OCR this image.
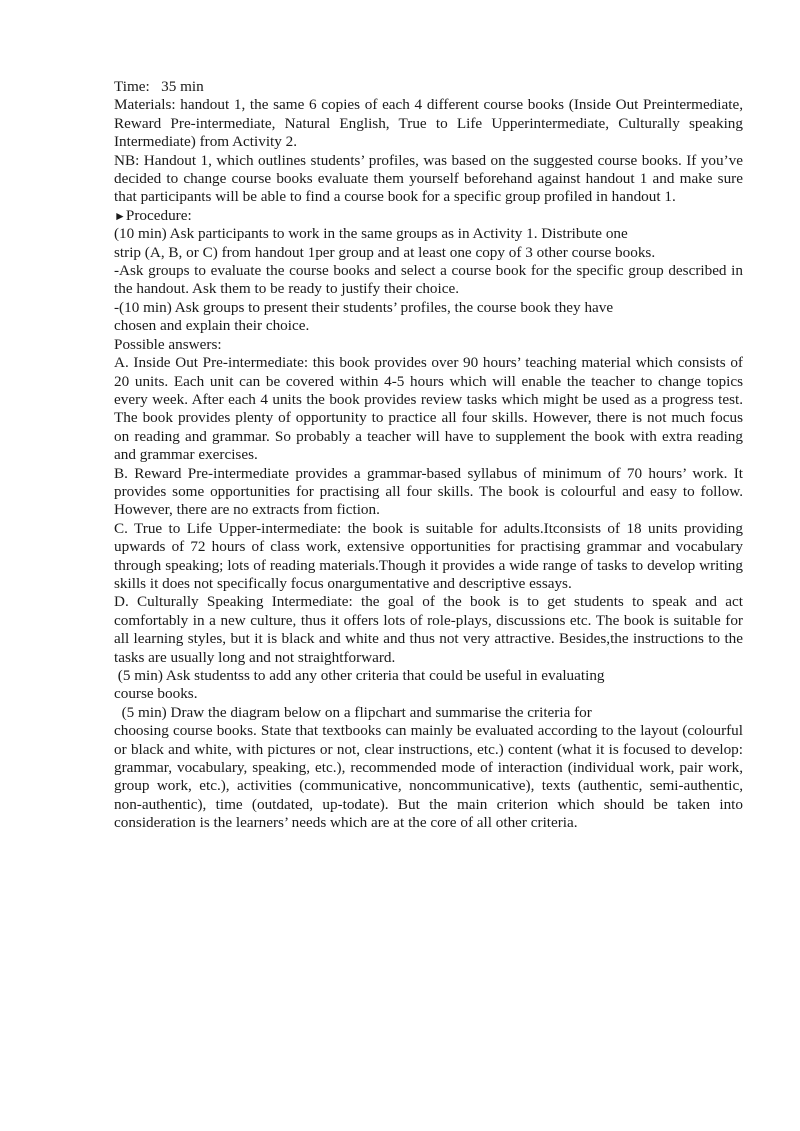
Time:   35 min

Materials: handout 1, the same 6 copies of each 4 different course books (Inside Out Preintermediate, Reward Pre-intermediate, Natural English, True to Life Upperintermediate, Culturally speaking Intermediate) from Activity 2.

NB: Handout 1, which outlines students’ profiles, was based on the suggested course books. If you’ve decided to change course books evaluate them yourself beforehand against handout 1 and make sure that participants will be able to find a course book for a specific group profiled in handout 1.

►Procedure:

(10 min) Ask participants to work in the same groups as in Activity 1. Distribute one

strip (A, B, or C) from handout 1per group and at least one copy of 3 other course books.

-Ask groups to evaluate the course books and select a course book for the specific group described in the handout. Ask them to be ready to justify their choice.

-(10 min) Ask groups to present their students’ profiles, the course book they have

chosen and explain their choice.

Possible answers:

A. Inside Out Pre-intermediate: this book provides over 90 hours’ teaching material which consists of 20 units. Each unit can be covered within 4-5 hours which will enable the teacher to change topics every week. After each 4 units the book provides review tasks which might be used as a progress test. The book provides plenty of opportunity to practice all four skills. However, there is not much focus on reading and grammar. So probably a teacher will have to supplement the book with extra reading and grammar exercises.

B. Reward Pre-intermediate provides a grammar-based syllabus of minimum of 70 hours’ work. It provides some opportunities for practising all four skills. The book is colourful and easy to follow. However, there are no extracts from fiction.

C. True to Life Upper-intermediate: the book is suitable for adults.Itconsists of 18 units providing upwards of 72 hours of class work, extensive opportunities for practising grammar and vocabulary through speaking; lots of reading materials.Though it provides a wide range of tasks to develop writing skills it does not specifically focus onargumentative and descriptive essays.

D. Culturally Speaking Intermediate: the goal of the book is to get students to speak and act comfortably in a new culture, thus it offers lots of role-plays, discussions etc. The book is suitable for all learning styles, but it is black and white and thus not very attractive. Besides,the instructions to the tasks are usually long and not straightforward.

(5 min) Ask studentss to add any other criteria that could be useful in evaluating

course books.

(5 min) Draw the diagram below on a flipchart and summarise the criteria for

choosing course books. State that textbooks can mainly be evaluated according to the layout (colourful or black and white, with pictures or not, clear instructions, etc.) content (what it is focused to develop: grammar, vocabulary, speaking, etc.), recommended mode of interaction (individual work, pair work, group work, etc.), activities (communicative, noncommunicative), texts (authentic, semi-authentic, non-authentic), time (outdated, up-todate). But the main criterion which should be taken into consideration is the learners’ needs which are at the core of all other criteria.
